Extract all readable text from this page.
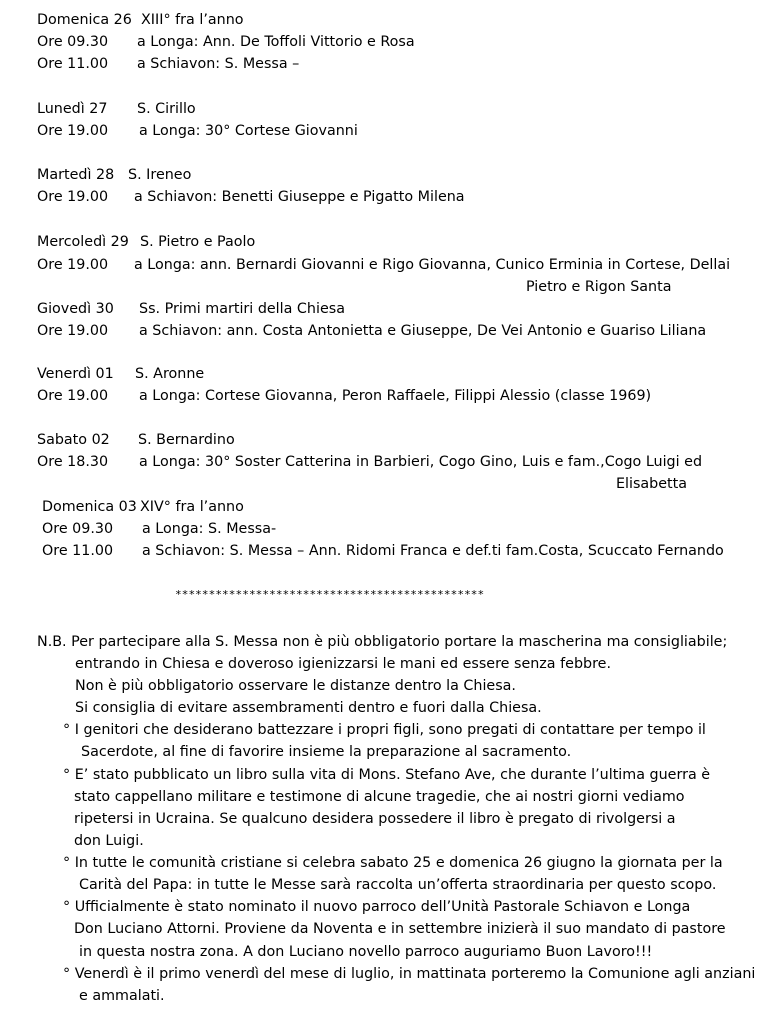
Domenica 26 XIII° fra l’anno
Ore 09.30 a Longa: Ann. De Toffoli Vittorio e Rosa
Ore 11.00 a Schiavon: S. Messa –
Lunedì 27 S. Cirillo
Ore 19.00 a Longa: 30° Cortese Giovanni
Martedì 28 S. Ireneo
Ore 19.00 a Schiavon: Benetti Giuseppe e Pigatto Milena
Mercoledì 29 S. Pietro e Paolo
Ore 19.00 a Longa: ann. Bernardi Giovanni e Rigo Giovanna, Cunico Erminia in Cortese, Dellai
Pietro e Rigon Santa
Giovedì 30 Ss. Primi martiri della Chiesa
Ore 19.00 a Schiavon: ann. Costa Antonietta e Giuseppe, De Vei Antonio e Guariso Liliana
Venerdì 01 S. Aronne
Ore 19.00 a Longa: Cortese Giovanna, Peron Raffaele, Filippi Alessio (classe 1969)
Sabato 02 S. Bernardino
Ore 18.30 a Longa: 30° Soster Catterina in Barbieri, Cogo Gino, Luis e fam.,Cogo Luigi ed
Elisabetta
Domenica 03 XIV° fra l’anno
Ore 09.30 a Longa: S. Messa-
Ore 11.00 a Schiavon: S. Messa – Ann. Ridomi Franca e def.ti fam.Costa, Scuccato Fernando
**********************************************
N.B. Per partecipare alla S. Messa non è più obbligatorio portare la mascherina ma consigliabile;
entrando in Chiesa e doveroso igienizzarsi le mani ed essere senza febbre.
Non è più obbligatorio osservare le distanze dentro la Chiesa.
Si consiglia di evitare assembramenti dentro e fuori dalla Chiesa.
° I genitori che desiderano battezzare i propri figli, sono pregati di contattare per tempo il
Sacerdote, al fine di favorire insieme la preparazione al sacramento.
° E’ stato pubblicato un libro sulla vita di Mons. Stefano Ave, che durante l’ultima guerra è
stato cappellano militare e testimone di alcune tragedie, che ai nostri giorni vediamo
ripetersi in Ucraina. Se qualcuno desidera possedere il libro è pregato di rivolgersi a
don Luigi.
° In tutte le comunità cristiane si celebra sabato 25 e domenica 26 giugno la giornata per la
Carità del Papa: in tutte le Messe sarà raccolta un’offerta straordinaria per questo scopo.
° Ufficialmente è stato nominato il nuovo parroco dell’Unità Pastorale Schiavon e Longa
Don Luciano Attorni. Proviene da Noventa e in settembre inizierà il suo mandato di pastore
in questa nostra zona. A don Luciano novello parroco auguriamo Buon Lavoro!!!
° Venerdì è il primo venerdì del mese di luglio, in mattinata porteremo la Comunione agli anziani
e ammalati.
